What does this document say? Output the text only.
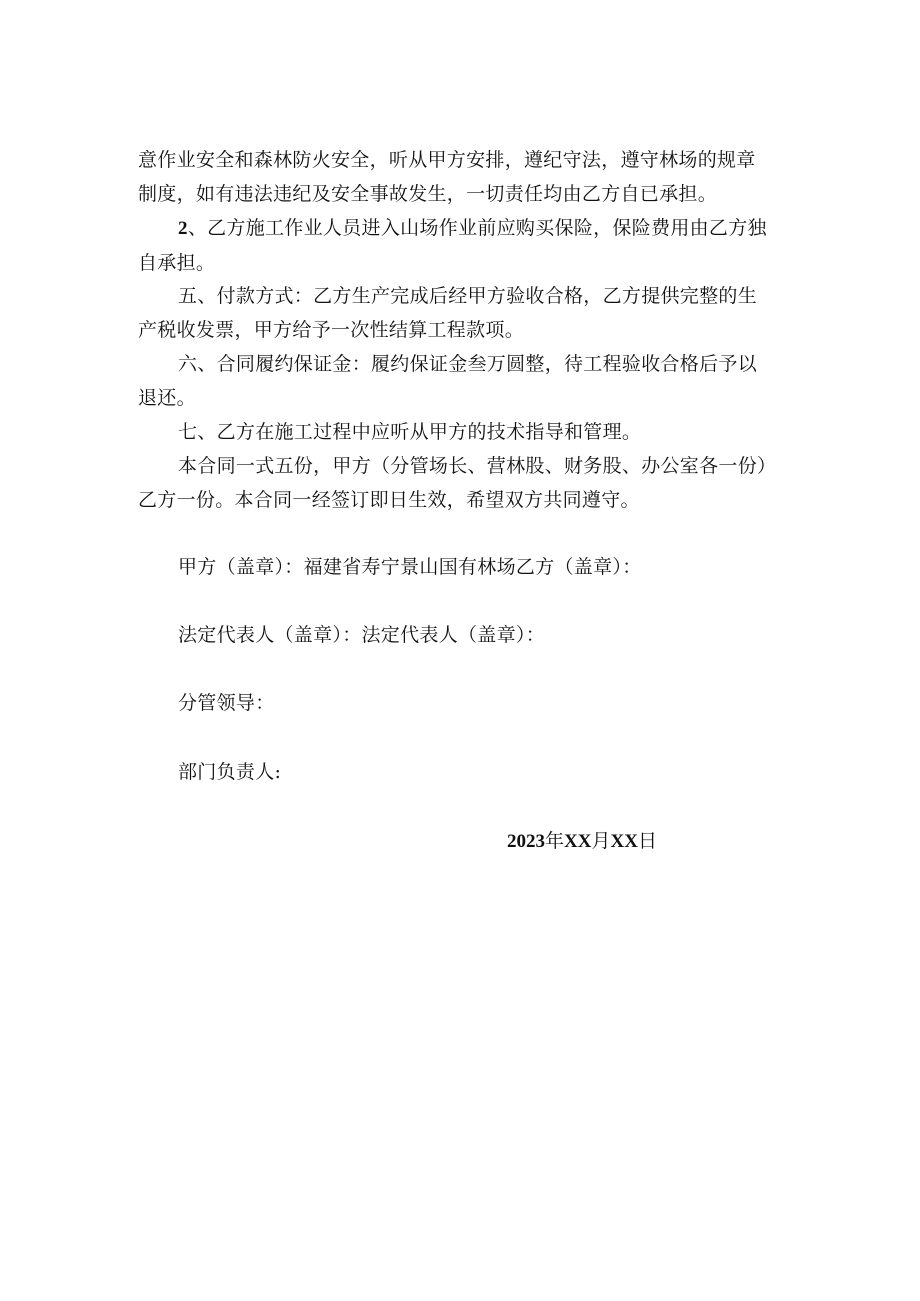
意作业安全和森林防火安全，听从甲方安排，遵纪守法，遵守林场的规章
制度，如有违法违纪及安全事故发生，一切责任均由乙方自已承担。

2、乙方施工作业人员进入山场作业前应购买保险，保险费用由乙方独
自承担。

五、付款方式：乙方生产完成后经甲方验收合格，乙方提供完整的生
产税收发票，甲方给予一次性结算工程款项。

六、合同履约保证金：履约保证金叁万圆整，待工程验收合格后予以
退还。

七、乙方在施工过程中应听从甲方的技术指导和管理。

本合同一式五份，甲方（分管场长、营林股、财务股、办公室各一份）
乙方一份。本合同一经签订即日生效，希望双方共同遵守。

甲方（盖章）：福建省寿宁景山国有林场乙方（盖章）：
法定代表人（盖章）：法定代表人（盖章）：
分管领导：
部门负责人:
2023年XX月XX日
